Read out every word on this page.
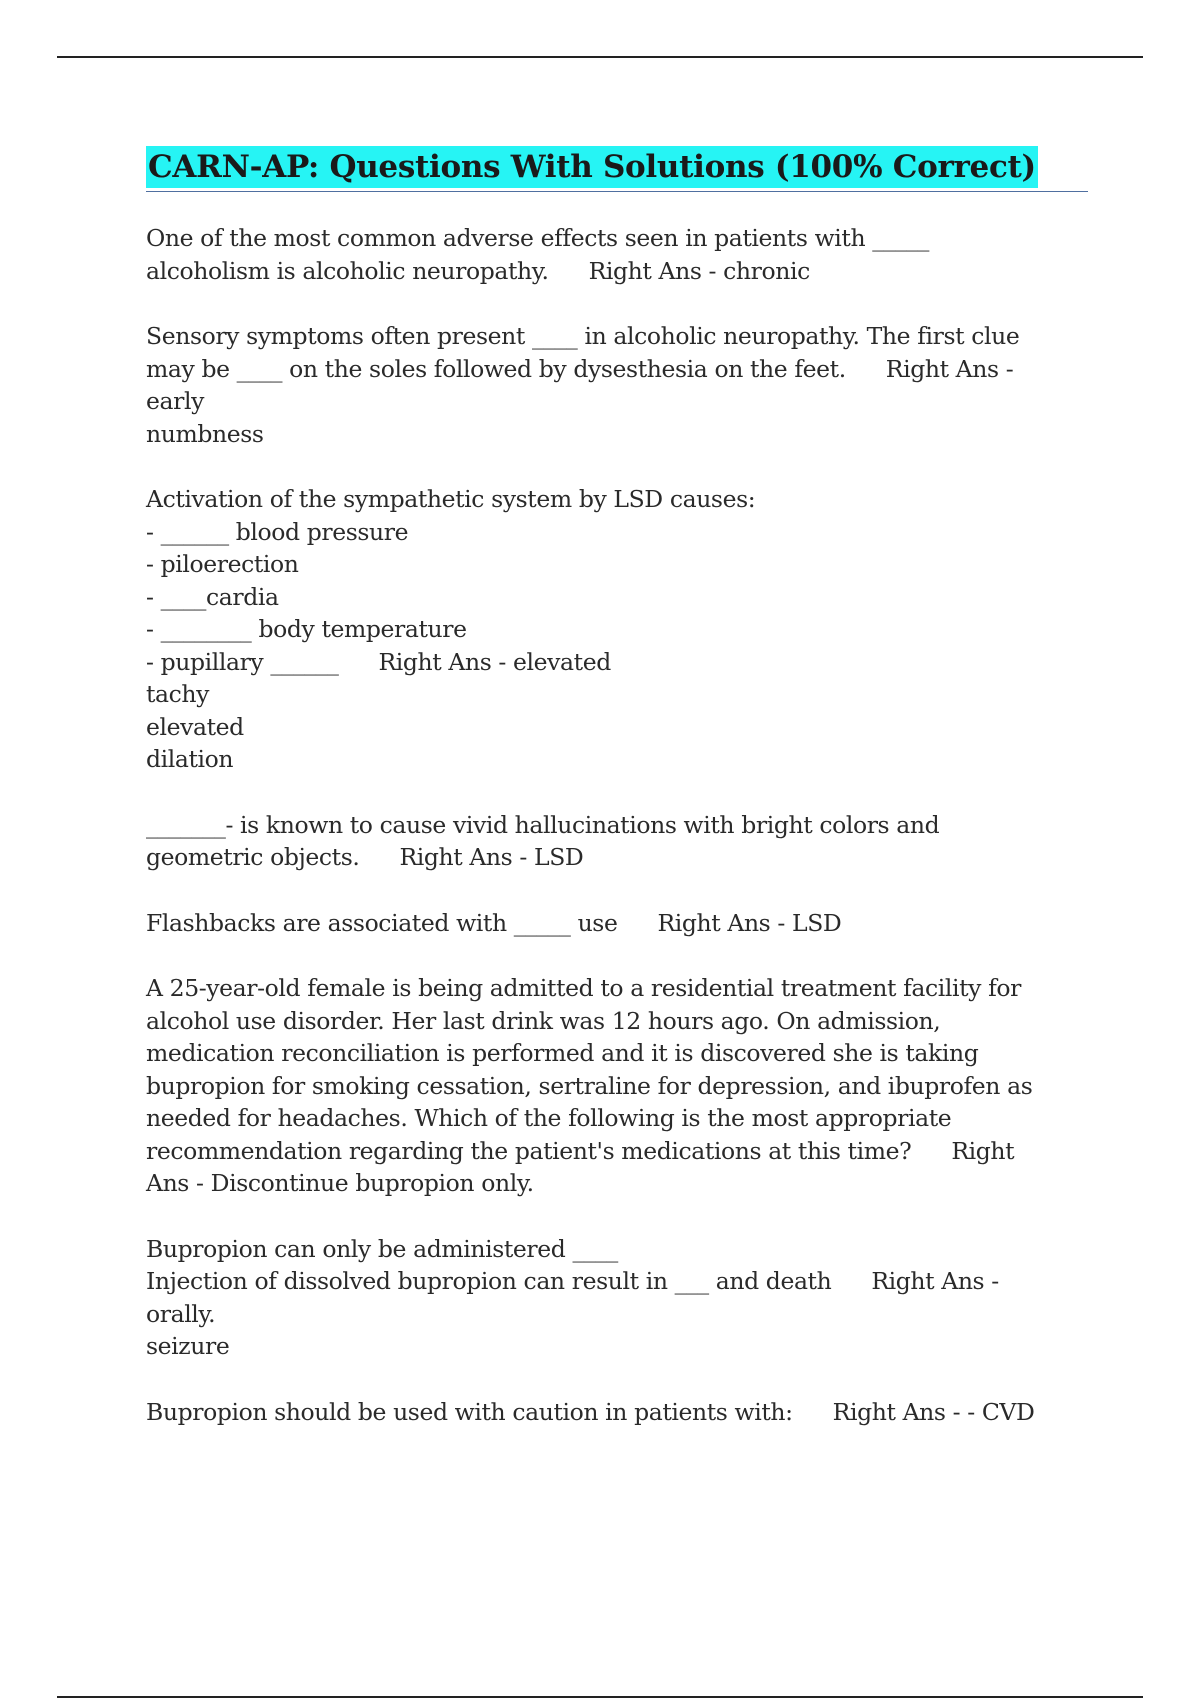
CARN-AP: Questions With Solutions (100% Correct)
One of the most common adverse effects seen in patients with _____
alcoholism is alcoholic neuropathy. Right Ans - chronic
Sensory symptoms often present ____ in alcoholic neuropathy. The first clue
may be ____ on the soles followed by dysesthesia on the feet. Right Ans -
early
numbness
Activation of the sympathetic system by LSD causes:
- ______ blood pressure
- piloerection
- ____cardia
- ________ body temperature
- pupillary ______ Right Ans - elevated
tachy
elevated
dilation
_______- is known to cause vivid hallucinations with bright colors and
geometric objects. Right Ans - LSD
Flashbacks are associated with _____ use Right Ans - LSD
A 25-year-old female is being admitted to a residential treatment facility for
alcohol use disorder. Her last drink was 12 hours ago. On admission,
medication reconciliation is performed and it is discovered she is taking
bupropion for smoking cessation, sertraline for depression, and ibuprofen as
needed for headaches. Which of the following is the most appropriate
recommendation regarding the patient's medications at this time? Right
Ans - Discontinue bupropion only.
Bupropion can only be administered ____
Injection of dissolved bupropion can result in ___ and death Right Ans -
orally.
seizure
Bupropion should be used with caution in patients with: Right Ans - - CVD
